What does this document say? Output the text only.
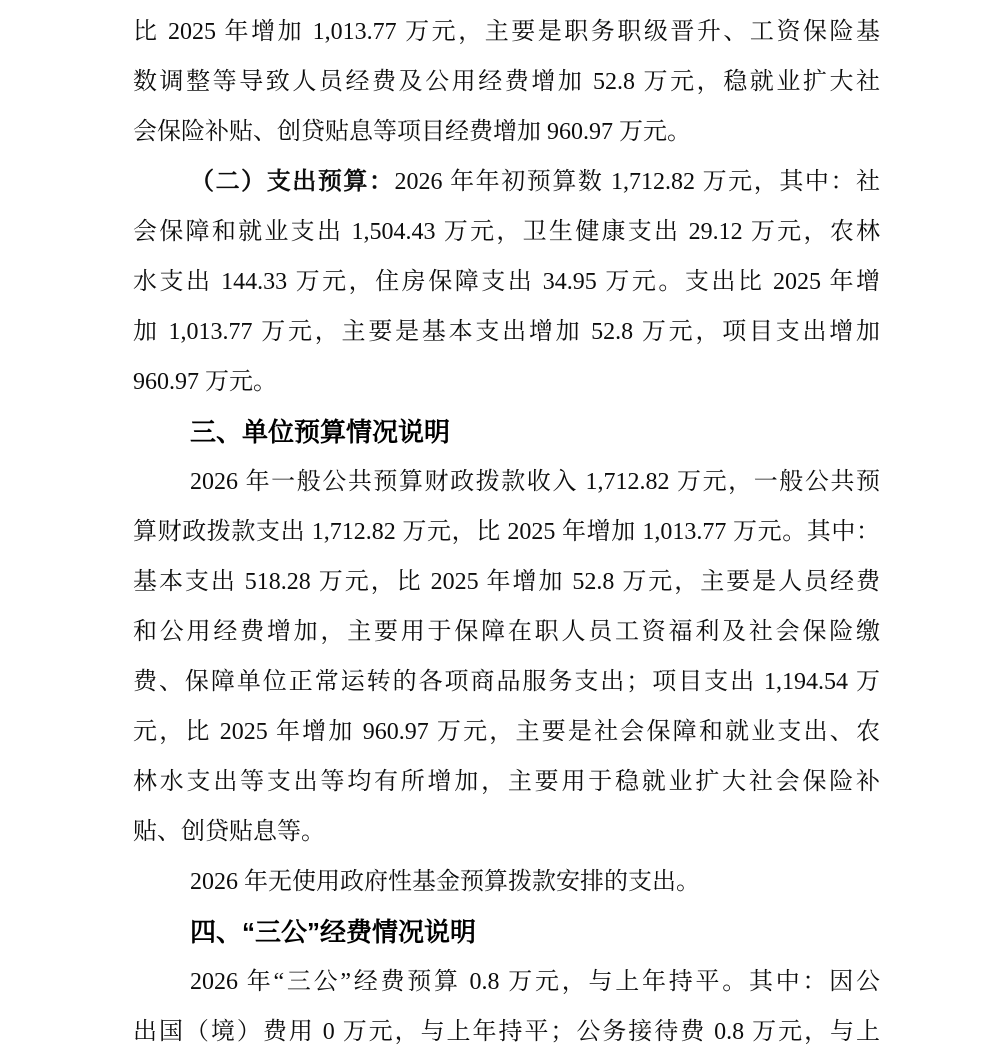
比 2025 年增加 1,013.77 万元，主要是职务职级晋升、工资保险基
数调整等导致人员经费及公用经费增加 52.8 万元，稳就业扩大社
会保险补贴、创贷贴息等项目经费增加 960.97 万元。
（二）支出预算：2026 年年初预算数 1,712.82 万元，其中：社
会保障和就业支出 1,504.43 万元，卫生健康支出 29.12 万元，农林
水支出 144.33 万元，住房保障支出 34.95 万元。支出比 2025 年增
加 1,013.77 万元，主要是基本支出增加 52.8 万元，项目支出增加
960.97 万元。
三、单位预算情况说明
2026 年一般公共预算财政拨款收入 1,712.82 万元，一般公共预
算财政拨款支出 1,712.82 万元，比 2025 年增加 1,013.77 万元。其中：
基本支出 518.28 万元，比 2025 年增加 52.8 万元，主要是人员经费
和公用经费增加，主要用于保障在职人员工资福利及社会保险缴
费、保障单位正常运转的各项商品服务支出；项目支出 1,194.54 万
元，比 2025 年增加 960.97 万元，主要是社会保障和就业支出、农
林水支出等支出等均有所增加，主要用于稳就业扩大社会保险补
贴、创贷贴息等。
2026 年无使用政府性基金预算拨款安排的支出。
四、“三公”经费情况说明
2026 年“三公”经费预算 0.8 万元，与上年持平。其中：因公
出国（境）费用 0 万元，与上年持平；公务接待费 0.8 万元，与上
